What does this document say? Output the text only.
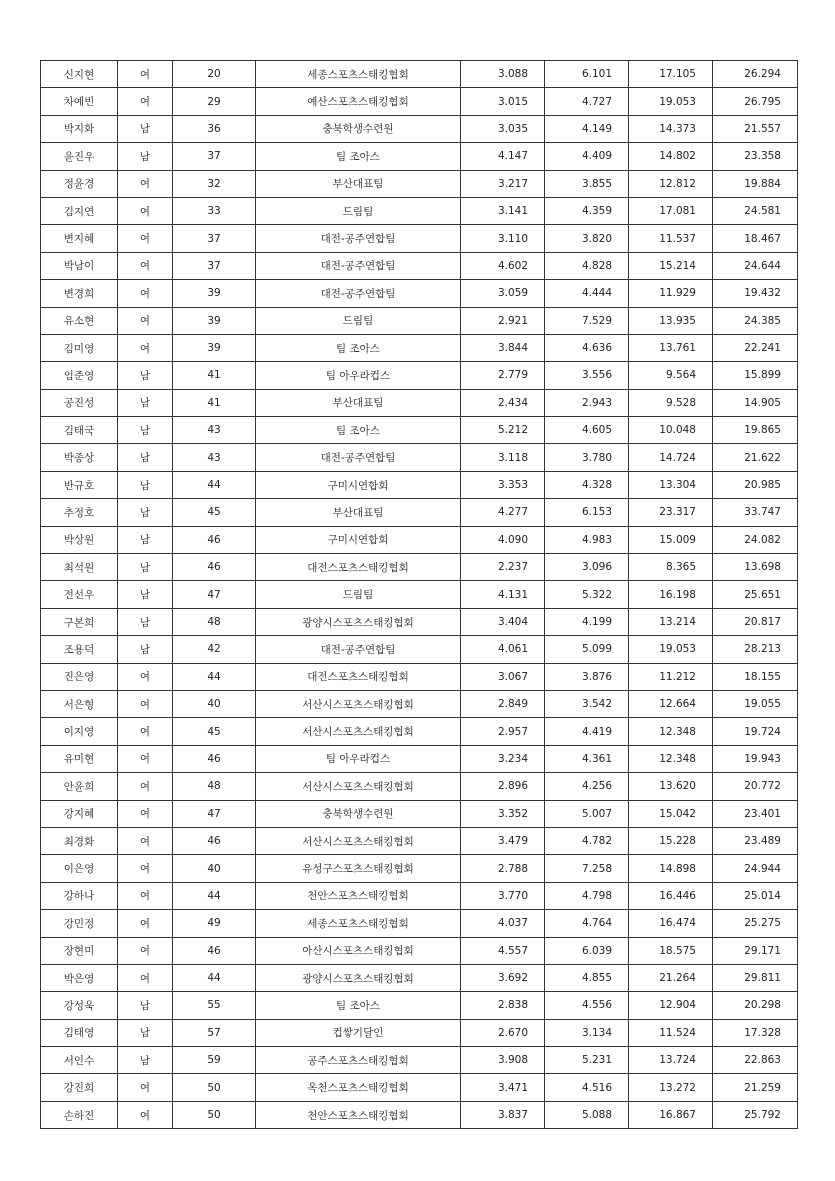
신지현	여	20	세종스포츠스태킹협회	3.088	6.101	17.105	26.294
차예빈	여	29	예산스포츠스태킹협회	3.015	4.727	19.053	26.795
박지화	남	36	충북학생수련원	3.035	4.149	14.373	21.557
윤진우	남	37	팀 조아스	4.147	4.409	14.802	23.358
정윤경	여	32	부산대표팀	3.217	3.855	12.812	19.884
김지연	여	33	드림팀	3.141	4.359	17.081	24.581
변지혜	여	37	대전-공주연합팀	3.110	3.820	11.537	18.467
박남이	여	37	대전-공주연합팀	4.602	4.828	15.214	24.644
변경희	여	39	대전-공주연합팀	3.059	4.444	11.929	19.432
유소현	여	39	드림팀	2.921	7.529	13.935	24.385
김미영	여	39	팀 조아스	3.844	4.636	13.761	22.241
임준영	남	41	팀 아우라컵스	2.779	3.556	9.564	15.899
공진성	남	41	부산대표팀	2.434	2.943	9.528	14.905
김태국	남	43	팀 조아스	5.212	4.605	10.048	19.865
박종상	남	43	대전-공주연합팀	3.118	3.780	14.724	21.622
반규호	남	44	구미시연합회	3.353	4.328	13.304	20.985
추정호	남	45	부산대표팀	4.277	6.153	23.317	33.747
박상원	남	46	구미시연합회	4.090	4.983	15.009	24.082
최석원	남	46	대전스포츠스태킹협회	2.237	3.096	8.365	13.698
전선우	남	47	드림팀	4.131	5.322	16.198	25.651
구본희	남	48	광양시스포츠스태킹협회	3.404	4.199	13.214	20.817
조용덕	남	42	대전-공주연합팀	4.061	5.099	19.053	28.213
진은영	여	44	대전스포츠스태킹협회	3.067	3.876	11.212	18.155
서은형	여	40	서산시스포츠스태킹협회	2.849	3.542	12.664	19.055
이지영	여	45	서산시스포츠스태킹협회	2.957	4.419	12.348	19.724
유미현	여	46	팀 아우라컵스	3.234	4.361	12.348	19.943
안윤희	여	48	서산시스포츠스태킹협회	2.896	4.256	13.620	20.772
강지혜	여	47	충북학생수련원	3.352	5.007	15.042	23.401
최경화	여	46	서산시스포츠스태킹협회	3.479	4.782	15.228	23.489
이은영	여	40	유성구스포츠스태킹협회	2.788	7.258	14.898	24.944
강하나	여	44	천안스포츠스태킹협회	3.770	4.798	16.446	25.014
강민정	여	49	세종스포츠스태킹협회	4.037	4.764	16.474	25.275
장현미	여	46	아산시스포츠스태킹협회	4.557	6.039	18.575	29.171
박은영	여	44	광양시스포츠스태킹협회	3.692	4.855	21.264	29.811
강성욱	남	55	팀 조아스	2.838	4.556	12.904	20.298
김태영	남	57	컵쌓기달인	2.670	3.134	11.524	17.328
서인수	남	59	공주스포츠스태킹협회	3.908	5.231	13.724	22.863
강진희	여	50	옥천스포츠스태킹협회	3.471	4.516	13.272	21.259
손하진	여	50	천안스포츠스태킹협회	3.837	5.088	16.867	25.792
